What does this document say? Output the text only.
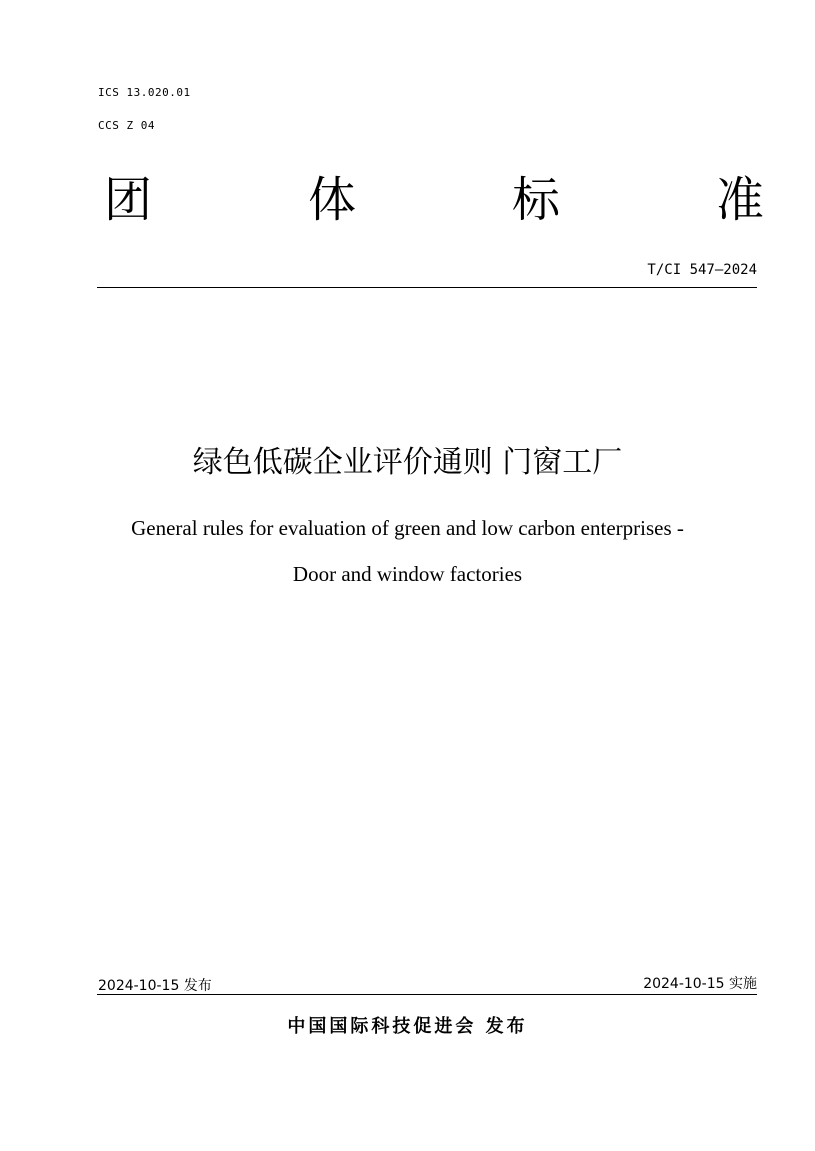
ICS 13.020.01
CCS Z 04
团	体	标	准
T/CI 547—2024
绿色低碳企业评价通则 门窗工厂
General rules for evaluation of green and low carbon enterprises -
Door and window factories
2024-10-15 发布	2024-10-15 实施
中国国际科技促进会 发布
